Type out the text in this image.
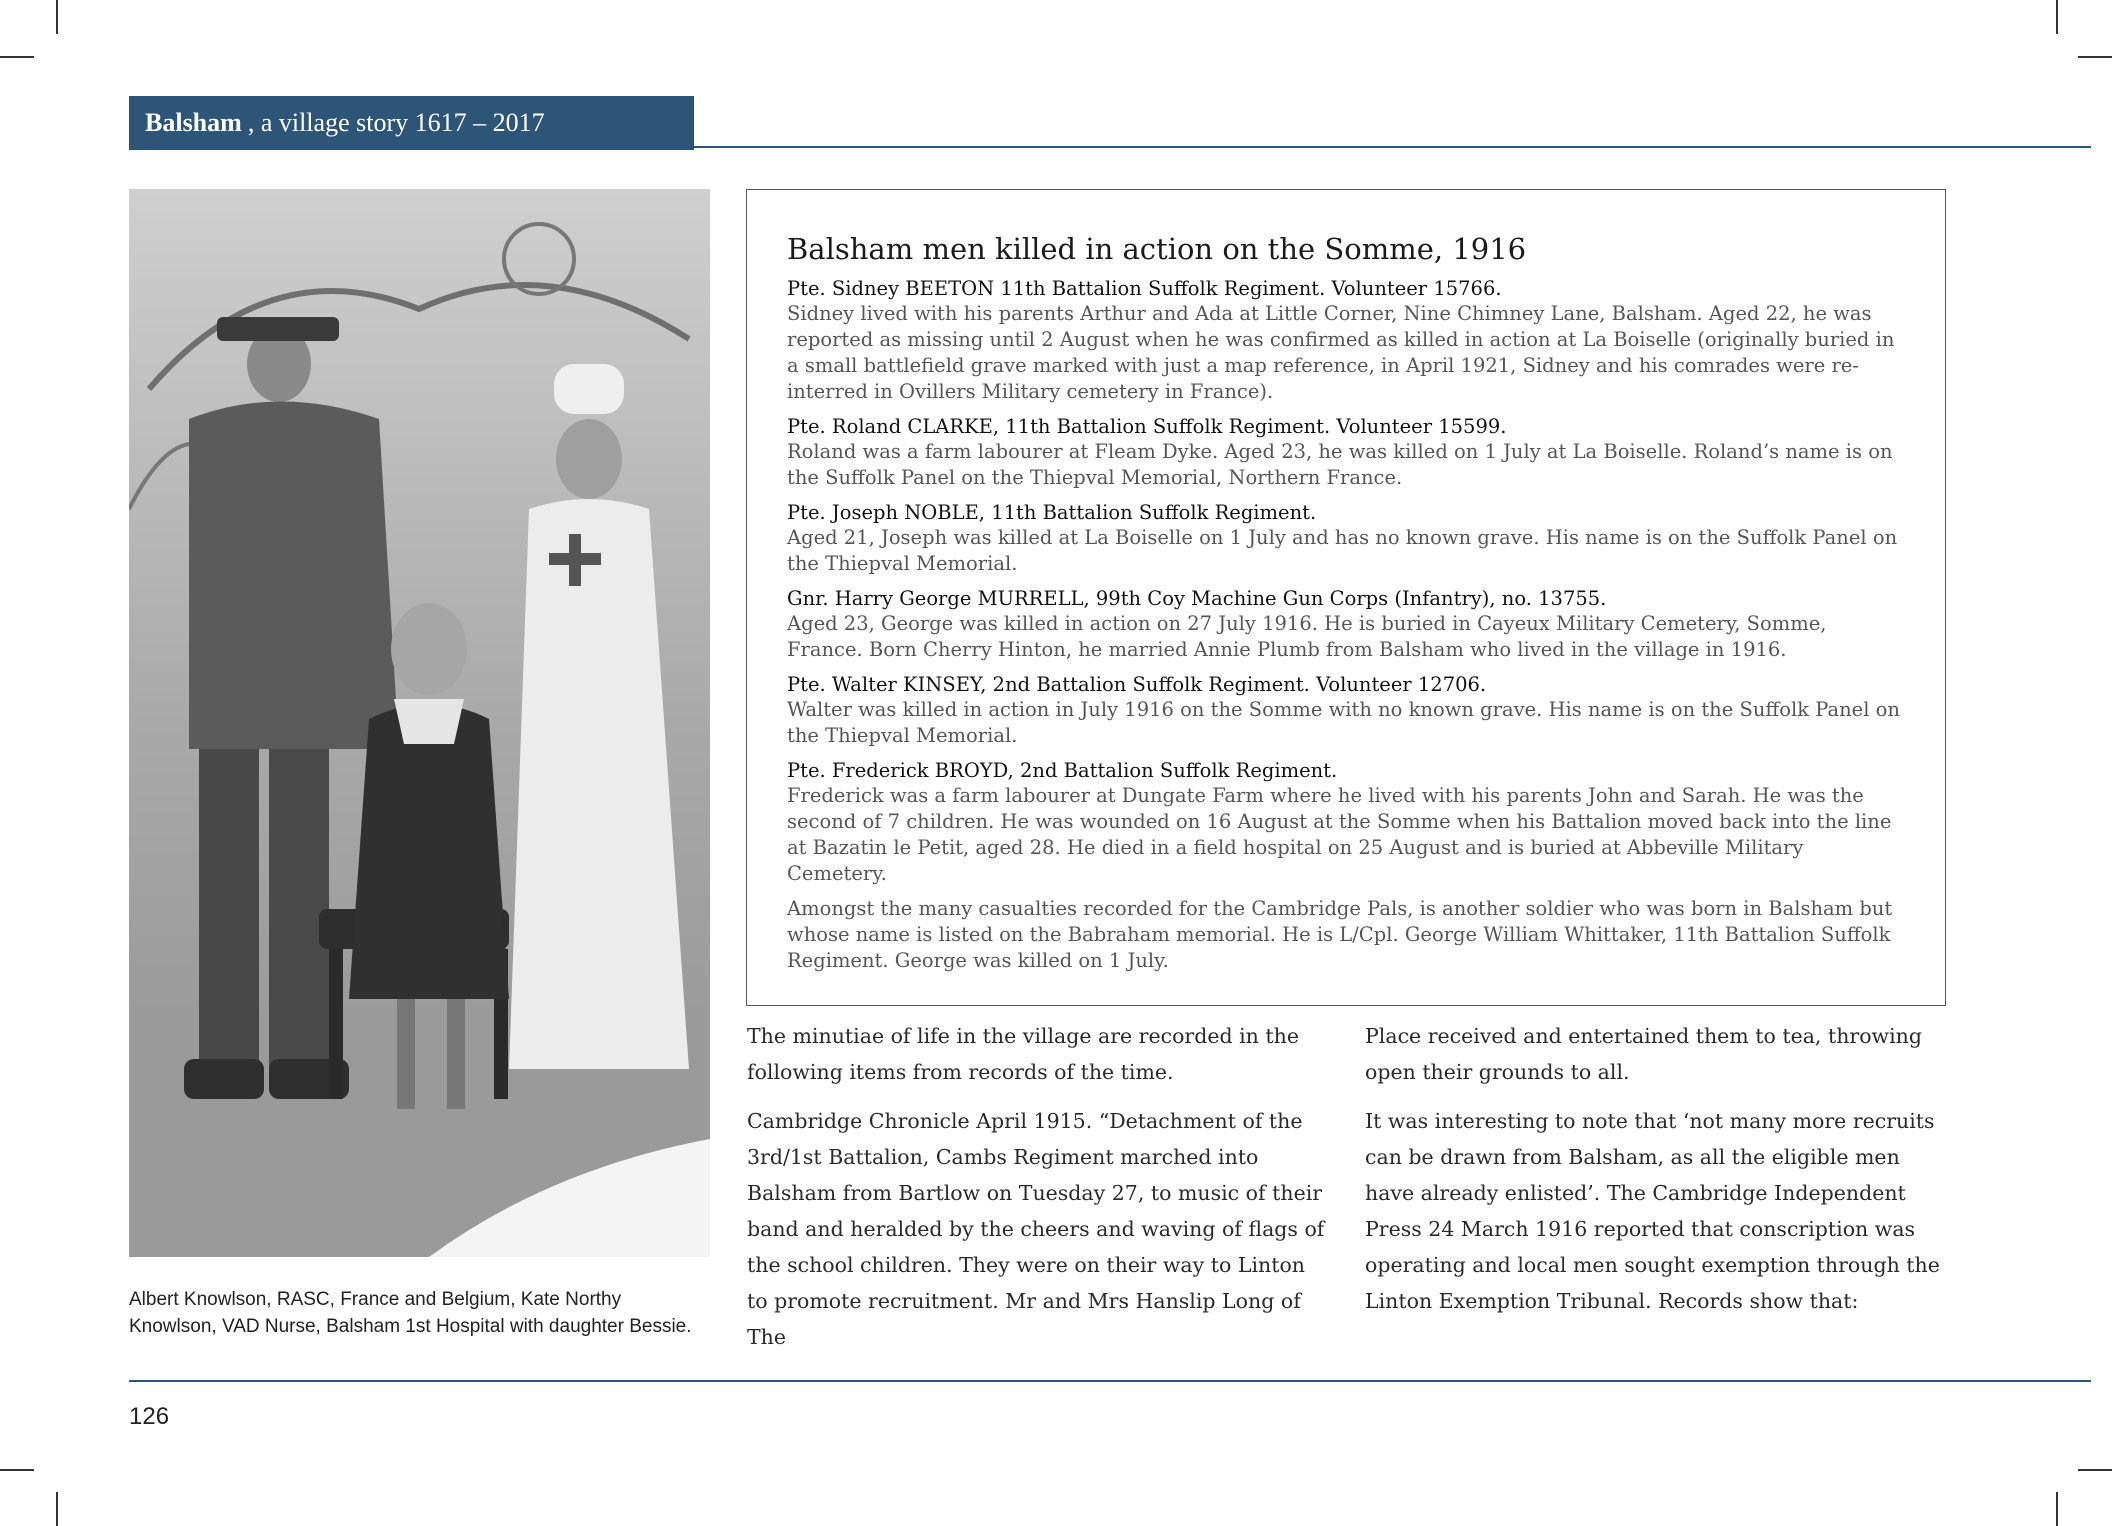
Balsham , a village story 1617 – 2017
Albert Knowlson, RASC, France and Belgium, Kate Northy
Knowlson, VAD Nurse, Balsham 1st Hospital with daughter Bessie.
Balsham men killed in action on the Somme, 1916
Pte. Sidney BEETON 11th Battalion Suffolk Regiment. Volunteer 15766.
Sidney lived with his parents Arthur and Ada at Little Corner, Nine Chimney Lane, Balsham. Aged 22, he was reported as missing until 2 August when he was confirmed as killed in action at La Boiselle (originally buried in a small battlefield grave marked with just a map reference, in April 1921, Sidney and his comrades were re-interred in Ovillers Military cemetery in France).
Pte. Roland CLARKE, 11th Battalion Suffolk Regiment. Volunteer 15599.
Roland was a farm labourer at Fleam Dyke. Aged 23, he was killed on 1 July at La Boiselle. Roland’s name is on the Suffolk Panel on the Thiepval Memorial, Northern France.
Pte. Joseph NOBLE, 11th Battalion Suffolk Regiment.
Aged 21, Joseph was killed at La Boiselle on 1 July and has no known grave. His name is on the Suffolk Panel on the Thiepval Memorial.
Gnr. Harry George MURRELL, 99th Coy Machine Gun Corps (Infantry), no. 13755.
Aged 23, George was killed in action on 27 July 1916. He is buried in Cayeux Military Cemetery, Somme, France. Born Cherry Hinton, he married Annie Plumb from Balsham who lived in the village in 1916.
Pte. Walter KINSEY, 2nd Battalion Suffolk Regiment. Volunteer 12706.
Walter was killed in action in July 1916 on the Somme with no known grave. His name is on the Suffolk Panel on the Thiepval Memorial.
Pte. Frederick BROYD, 2nd Battalion Suffolk Regiment.
Frederick was a farm labourer at Dungate Farm where he lived with his parents John and Sarah. He was the second of 7 children. He was wounded on 16 August at the Somme when his Battalion moved back into the line at Bazatin le Petit, aged 28. He died in a field hospital on 25 August and is buried at Abbeville Military Cemetery.
Amongst the many casualties recorded for the Cambridge Pals, is another soldier who was born in Balsham but whose name is listed on the Babraham memorial. He is L/Cpl. George William Whittaker, 11th Battalion Suffolk Regiment. George was killed on 1 July.

The minutiae of life in the village are recorded in the following items from records of the time.

Cambridge Chronicle April 1915. “Detachment of the 3rd/1st Battalion, Cambs Regiment marched into Balsham from Bartlow on Tuesday 27, to music of their band and heralded by the cheers and waving of flags of the school children. They were on their way to Linton to promote recruitment. Mr and Mrs Hanslip Long of The

Place received and entertained them to tea, throwing open their grounds to all.

It was interesting to note that ‘not many more recruits can be drawn from Balsham, as all the eligible men have already enlisted’. The Cambridge Independent Press 24 March 1916 reported that conscription was operating and local men sought exemption through the Linton Exemption Tribunal. Records show that:

126
